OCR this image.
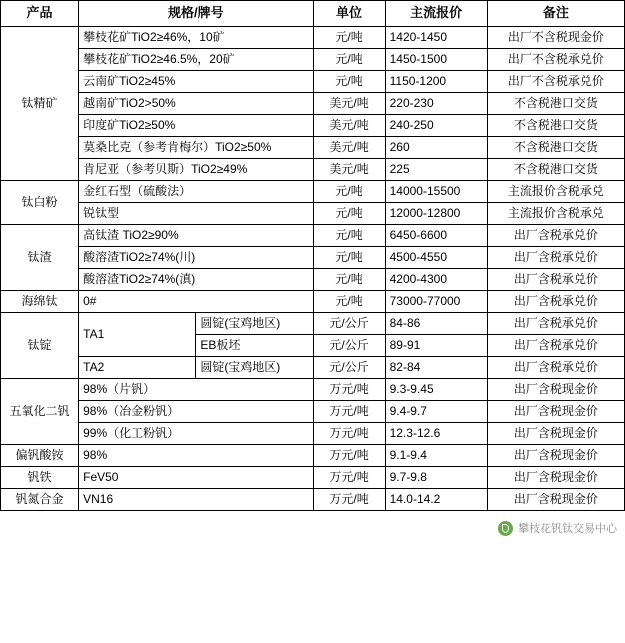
产品	规格/牌号		单位	主流报价	备注
钛精矿	攀枝花矿TiO2≥46%，10矿		元/吨	1420-1450	出厂不含税现金价
	攀枝花矿TiO2≥46.5%，20矿		元/吨	1450-1500	出厂不含税承兑价
	云南矿TiO2≥45%		元/吨	1150-1200	出厂不含税承兑价
	越南矿TiO2>50%		美元/吨	220-230	不含税港口交货
	印度矿TiO2≥50%		美元/吨	240-250	不含税港口交货
	莫桑比克（参考肯梅尔）TiO2≥50%		美元/吨	260	不含税港口交货
	肯尼亚（参考贝斯）TiO2≥49%		美元/吨	225	不含税港口交货
钛白粉	金红石型（硫酸法）		元/吨	14000-15500	主流报价含税承兑
	锐钛型		元/吨	12000-12800	主流报价含税承兑
钛渣	高钛渣 TiO2≥90%		元/吨	6450-6600	出厂含税承兑价
	酸溶渣TiO2≥74%(川)		元/吨	4500-4550	出厂含税承兑价
	酸溶渣TiO2≥74%(滇)		元/吨	4200-4300	出厂含税承兑价
海绵钛	0#		元/吨	73000-77000	出厂含税承兑价
钛锭	TA1	圆锭(宝鸡地区)	元/公斤	84-86	出厂含税承兑价
		EB板坯	元/公斤	89-91	出厂含税承兑价
	TA2	圆锭(宝鸡地区)	元/公斤	82-84	出厂含税承兑价
五氧化二钒	98%（片钒）		万元/吨	9.3-9.45	出厂含税现金价
	98%（冶金粉钒）		万元/吨	9.4-9.7	出厂含税现金价
	99%（化工粉钒）		万元/吨	12.3-12.6	出厂含税现金价
偏钒酸铵	98%		万元/吨	9.1-9.4	出厂含税现金价
钒铁	FeV50		万元/吨	9.7-9.8	出厂含税现金价
钒氮合金	VN16		万元/吨	14.0-14.2	出厂含税现金价
攀枝花钒钛交易中心
